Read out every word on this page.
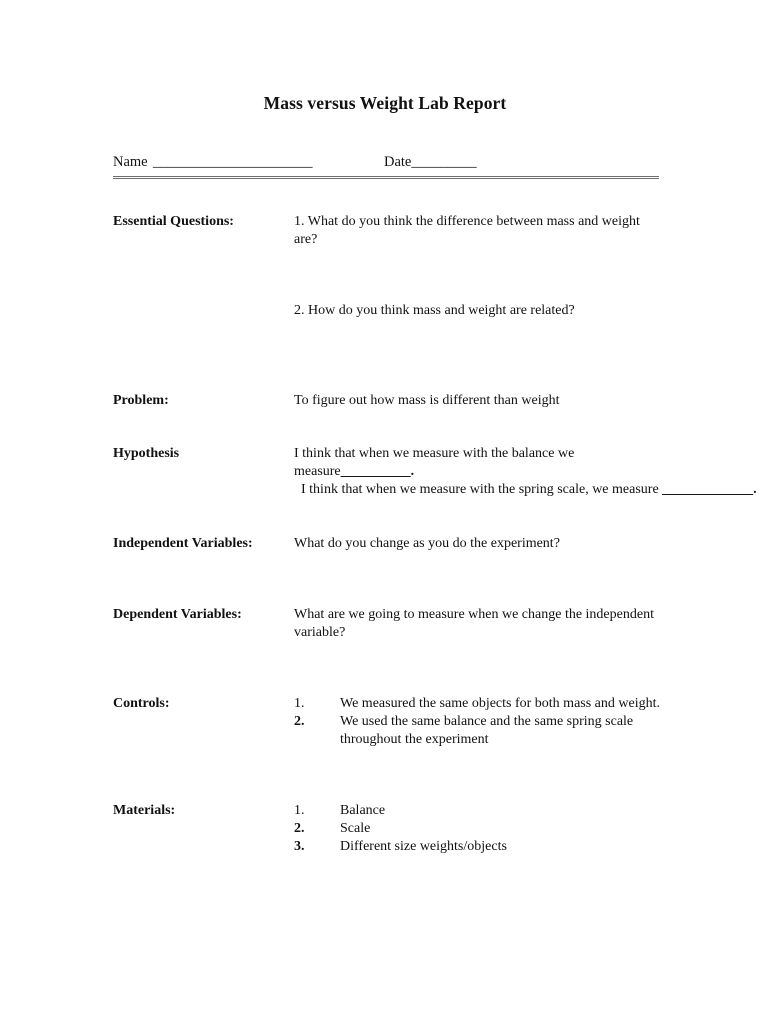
Mass versus Weight Lab Report
Name ______________________	Date_________
Essential Questions:	1. What do you think the difference between mass and weight are?
2. How do you think mass and weight are related?
Problem:	To figure out how mass is different than weight
Hypothesis	I think that when we measure with the balance we measure__________.  I think that when we measure with the spring scale, we measure _____________.
Independent Variables:	What do you change as you do the experiment?
Dependent Variables:	What are we going to measure when we change the independent variable?
Controls:	1.	We measured the same objects for both mass and weight.
2.	We used the same balance and the same spring scale throughout the experiment
Materials:	1.	Balance
2.	Scale
3.	Different size weights/objects
